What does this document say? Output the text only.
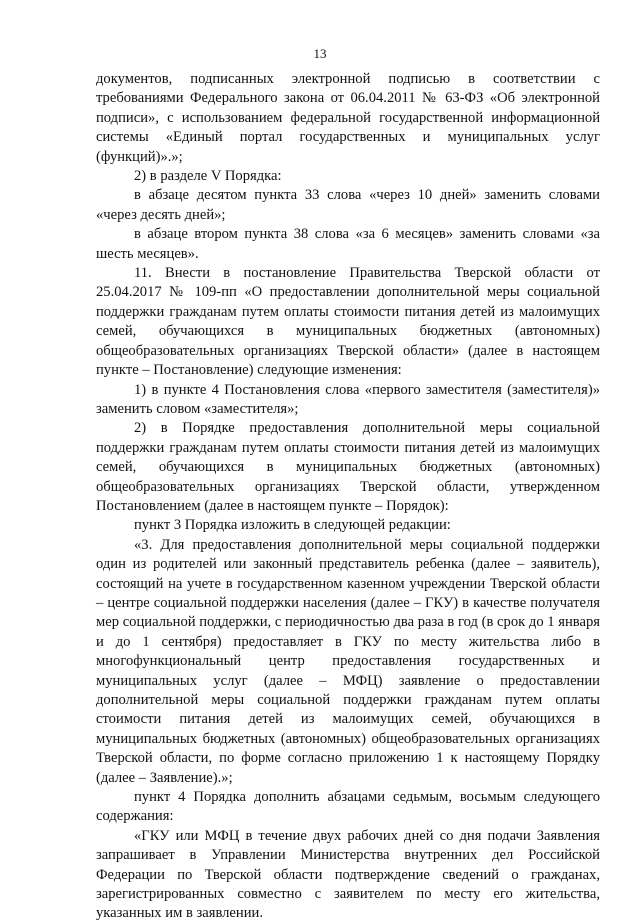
13

документов, подписанных электронной подписью в соответствии с требованиями Федерального закона от 06.04.2011 № 63-ФЗ «Об электронной подписи», с использованием федеральной государственной информационной системы «Единый портал государственных и муниципальных услуг (функций)».»;

2) в разделе V Порядка:

в абзаце десятом пункта 33 слова «через 10 дней» заменить словами «через десять дней»;

в абзаце втором пункта 38 слова «за 6 месяцев» заменить словами «за шесть месяцев».

11. Внести в постановление Правительства Тверской области от 25.04.2017 № 109-пп «О предоставлении дополнительной меры социальной поддержки гражданам путем оплаты стоимости питания детей из малоимущих семей, обучающихся в муниципальных бюджетных (автономных) общеобразовательных организациях Тверской области» (далее в настоящем пункте – Постановление) следующие изменения:

1) в пункте 4 Постановления слова «первого заместителя (заместителя)» заменить словом «заместителя»;

2) в Порядке предоставления дополнительной меры социальной поддержки гражданам путем оплаты стоимости питания детей из малоимущих семей, обучающихся в муниципальных бюджетных (автономных) общеобразовательных организациях Тверской области, утвержденном Постановлением (далее в настоящем пункте – Порядок):

пункт 3 Порядка изложить в следующей редакции:

«3. Для предоставления дополнительной меры социальной поддержки один из родителей или законный представитель ребенка (далее – заявитель), состоящий на учете в государственном казенном учреждении Тверской области – центре социальной поддержки населения (далее – ГКУ) в качестве получателя мер социальной поддержки, с периодичностью два раза в год (в срок до 1 января и до 1 сентября) предоставляет в ГКУ по месту жительства либо в многофункциональный центр предоставления государственных и муниципальных услуг (далее – МФЦ) заявление о предоставлении дополнительной меры социальной поддержки гражданам путем оплаты стоимости питания детей из малоимущих семей, обучающихся в муниципальных бюджетных (автономных) общеобразовательных организациях Тверской области, по форме согласно приложению 1 к настоящему Порядку (далее – Заявление).»;

пункт 4 Порядка дополнить абзацами седьмым, восьмым следующего содержания:

«ГКУ или МФЦ в течение двух рабочих дней со дня подачи Заявления запрашивает в Управлении Министерства внутренних дел Российской Федерации по Тверской области подтверждение сведений о гражданах, зарегистрированных совместно с заявителем по месту его жительства, указанных им в заявлении.
